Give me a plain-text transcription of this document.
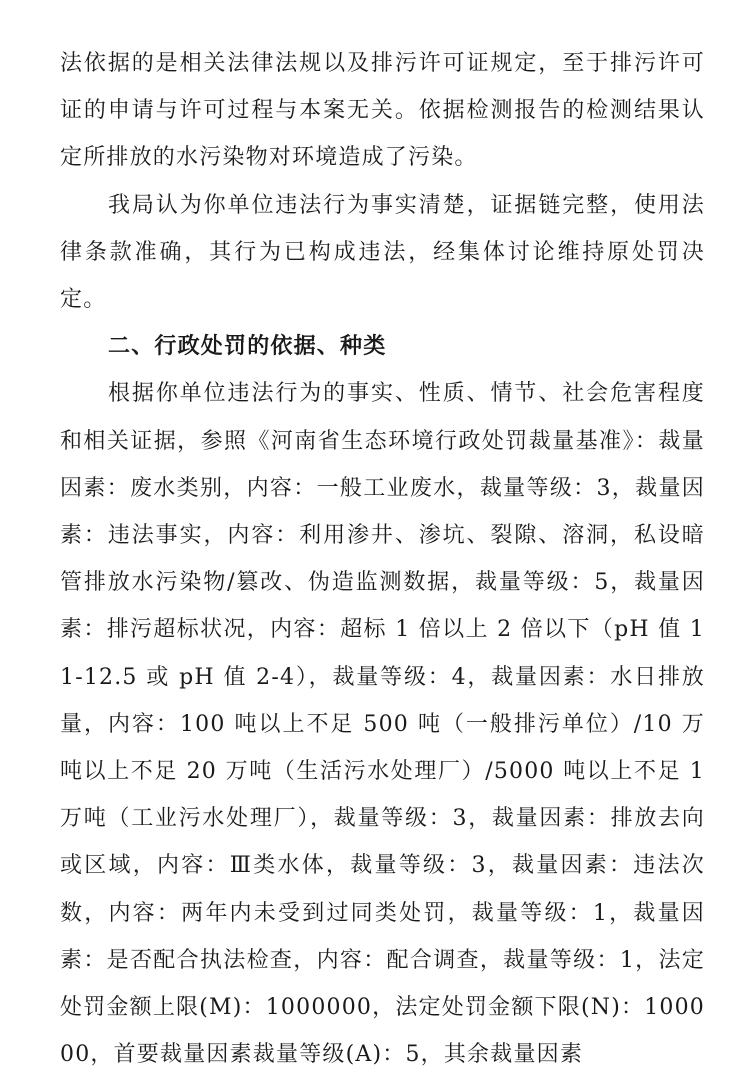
法依据的是相关法律法规以及排污许可证规定，至于排污许可证的申请与许可过程与本案无关。依据检测报告的检测结果认定所排放的水污染物对环境造成了污染。

我局认为你单位违法行为事实清楚，证据链完整，使用法律条款准确，其行为已构成违法，经集体讨论维持原处罚决定。

二、行政处罚的依据、种类

根据你单位违法行为的事实、性质、情节、社会危害程度和相关证据，参照《河南省生态环境行政处罚裁量基准》：裁量因素：废水类别，内容：一般工业废水，裁量等级：3，裁量因素：违法事实，内容：利用渗井、渗坑、裂隙、溶洞，私设暗管排放水污染物/篡改、伪造监测数据，裁量等级：5，裁量因素：排污超标状况，内容：超标 1 倍以上 2 倍以下（pH 值 11-12.5 或 pH 值 2-4），裁量等级：4，裁量因素：水日排放量，内容：100 吨以上不足 500 吨（一般排污单位）/10 万吨以上不足 20 万吨（生活污水处理厂）/5000 吨以上不足 1 万吨（工业污水处理厂），裁量等级：3，裁量因素：排放去向或区域，内容：Ⅲ类水体，裁量等级：3，裁量因素：违法次数，内容：两年内未受到过同类处罚，裁量等级：1，裁量因素：是否配合执法检查，内容：配合调查，裁量等级：1，法定处罚金额上限(M)：1000000，法定处罚金额下限(N)：100000，首要裁量因素裁量等级(A)：5，其余裁量因素
